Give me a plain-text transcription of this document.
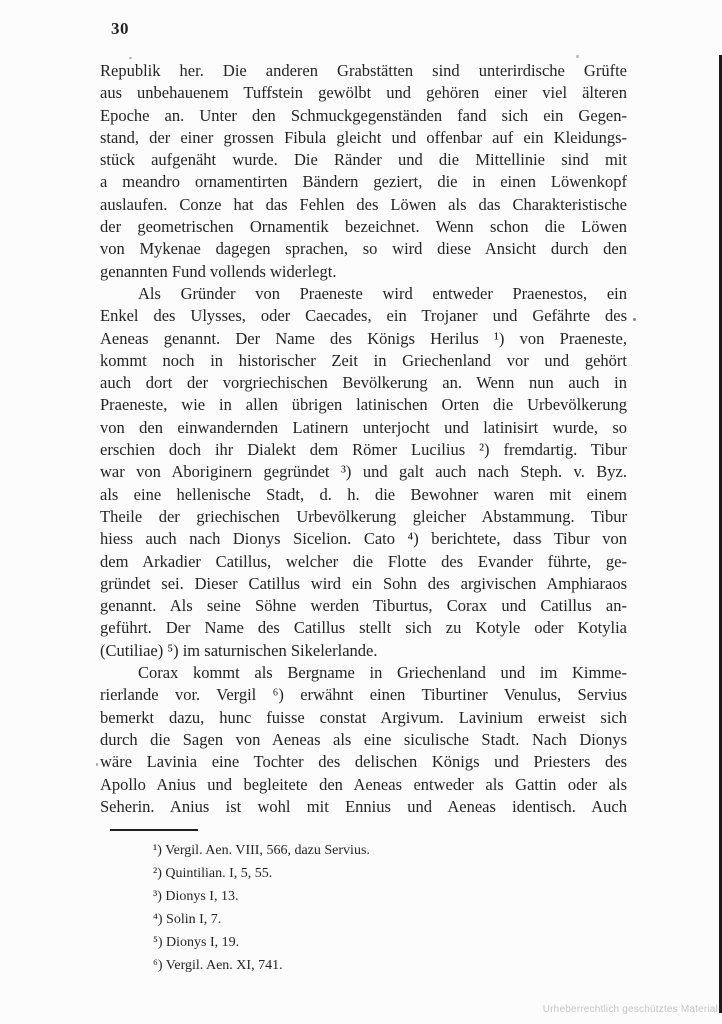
30
Republik her. Die anderen Grabstätten sind unterirdische Grüfte
aus unbehauenem Tuffstein gewölbt und gehören einer viel älteren
Epoche an. Unter den Schmuckgegenständen fand sich ein Gegen-
stand, der einer grossen Fibula gleicht und offenbar auf ein Kleidungs-
stück aufgenäht wurde. Die Ränder und die Mittellinie sind mit
a meandro ornamentirten Bändern geziert, die in einen Löwenkopf
auslaufen. Conze hat das Fehlen des Löwen als das Charakteristische
der geometrischen Ornamentik bezeichnet. Wenn schon die Löwen
von Mykenae dagegen sprachen, so wird diese Ansicht durch den
genannten Fund vollends widerlegt.
Als Gründer von Praeneste wird entweder Praenestos, ein
Enkel des Ulysses, oder Caecades, ein Trojaner und Gefährte des
Aeneas genannt. Der Name des Königs Herilus ¹) von Praeneste,
kommt noch in historischer Zeit in Griechenland vor und gehört
auch dort der vorgriechischen Bevölkerung an. Wenn nun auch in
Praeneste, wie in allen übrigen latinischen Orten die Urbevölkerung
von den einwandernden Latinern unterjocht und latinisirt wurde, so
erschien doch ihr Dialekt dem Römer Lucilius ²) fremdartig. Tibur
war von Aboriginern gegründet ³) und galt auch nach Steph. v. Byz.
als eine hellenische Stadt, d. h. die Bewohner waren mit einem
Theile der griechischen Urbevölkerung gleicher Abstammung. Tibur
hiess auch nach Dionys Sicelion. Cato ⁴) berichtete, dass Tibur von
dem Arkadier Catillus, welcher die Flotte des Evander führte, ge-
gründet sei. Dieser Catillus wird ein Sohn des argivischen Amphiaraos
genannt. Als seine Söhne werden Tiburtus, Corax und Catillus an-
geführt. Der Name des Catillus stellt sich zu Kotyle oder Kotylia
(Cutiliae) ⁵) im saturnischen Sikelerlande.
Corax kommt als Bergname in Griechenland und im Kimme-
rierlande vor. Vergil ⁶) erwähnt einen Tiburtiner Venulus, Servius
bemerkt dazu, hunc fuisse constat Argivum. Lavinium erweist sich
durch die Sagen von Aeneas als eine siculische Stadt. Nach Dionys
wäre Lavinia eine Tochter des delischen Königs und Priesters des
Apollo Anius und begleitete den Aeneas entweder als Gattin oder als
Seherin. Anius ist wohl mit Ennius und Aeneas identisch. Auch
¹) Vergil. Aen. VIII, 566, dazu Servius.
²) Quintilian. I, 5, 55.
³) Dionys I, 13.
⁴) Solin I, 7.
⁵) Dionys I, 19.
⁶) Vergil. Aen. XI, 741.
Urheberrechtlich geschütztes Material
